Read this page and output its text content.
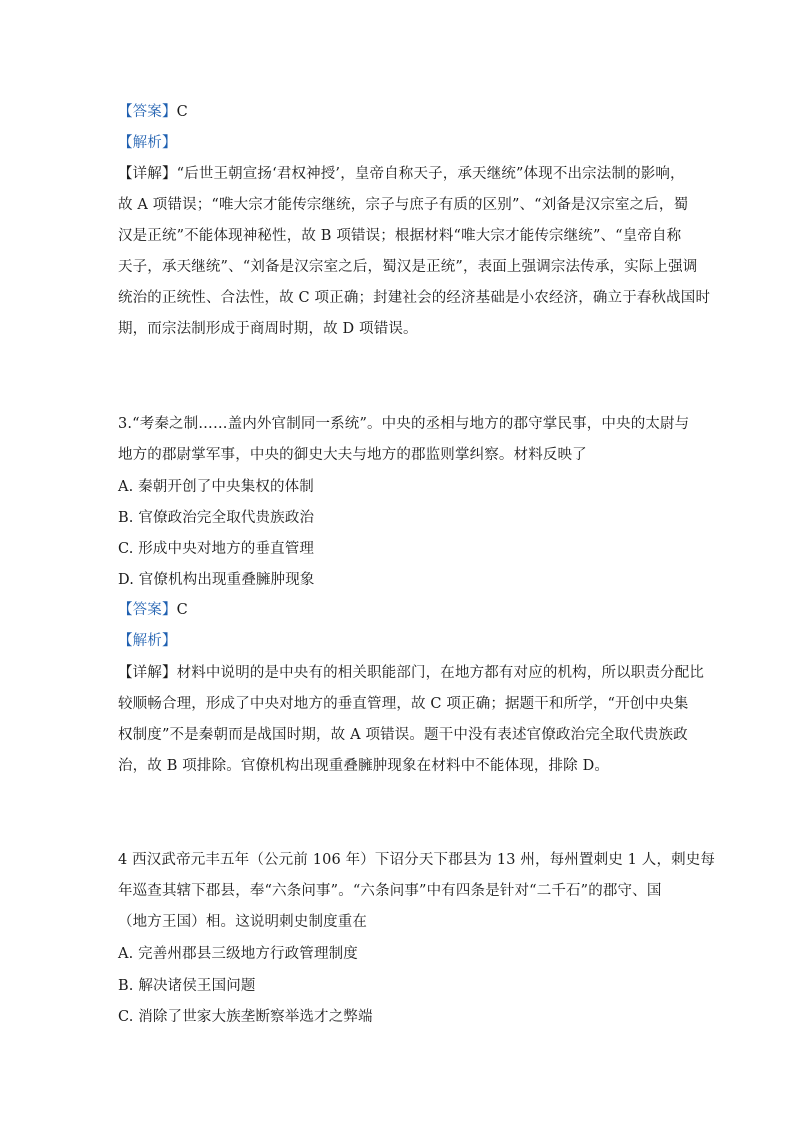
【答案】C
【解析】
【详解】“后世王朝宣扬‘君权神授’，皇帝自称天子，承天继统”体现不出宗法制的影响，
故 A 项错误；“唯大宗才能传宗继统，宗子与庶子有质的区别”、“刘备是汉宗室之后，蜀
汉是正统”不能体现神秘性，故 B 项错误；根据材料“唯大宗才能传宗继统”、“皇帝自称
天子，承天继统”、“刘备是汉宗室之后，蜀汉是正统”，表面上强调宗法传承，实际上强调
统治的正统性、合法性，故 C 项正确；封建社会的经济基础是小农经济，确立于春秋战国时
期，而宗法制形成于商周时期，故 D 项错误。
3.“考秦之制……盖内外官制同一系统”。中央的丞相与地方的郡守掌民事，中央的太尉与
地方的郡尉掌军事，中央的御史大夫与地方的郡监则掌纠察。材料反映了
A. 秦朝开创了中央集权的体制
B. 官僚政治完全取代贵族政治
C. 形成中央对地方的垂直管理
D. 官僚机构出现重叠臃肿现象
【答案】C
【解析】
【详解】材料中说明的是中央有的相关职能部门，在地方都有对应的机构，所以职责分配比
较顺畅合理，形成了中央对地方的垂直管理，故 C 项正确；据题干和所学，“开创中央集
权制度”不是秦朝而是战国时期，故 A 项错误。题干中没有表述官僚政治完全取代贵族政
治，故 B 项排除。官僚机构出现重叠臃肿现象在材料中不能体现，排除 D。
4 西汉武帝元丰五年（公元前 106 年）下诏分天下郡县为 13 州，每州置刺史 1 人，刺史每
年巡查其辖下郡县，奉“六条问事”。“六条问事”中有四条是针对“二千石”的郡守、国
（地方王国）相。这说明刺史制度重在
A. 完善州郡县三级地方行政管理制度
B. 解决诸侯王国问题
C. 消除了世家大族垄断察举选才之弊端
